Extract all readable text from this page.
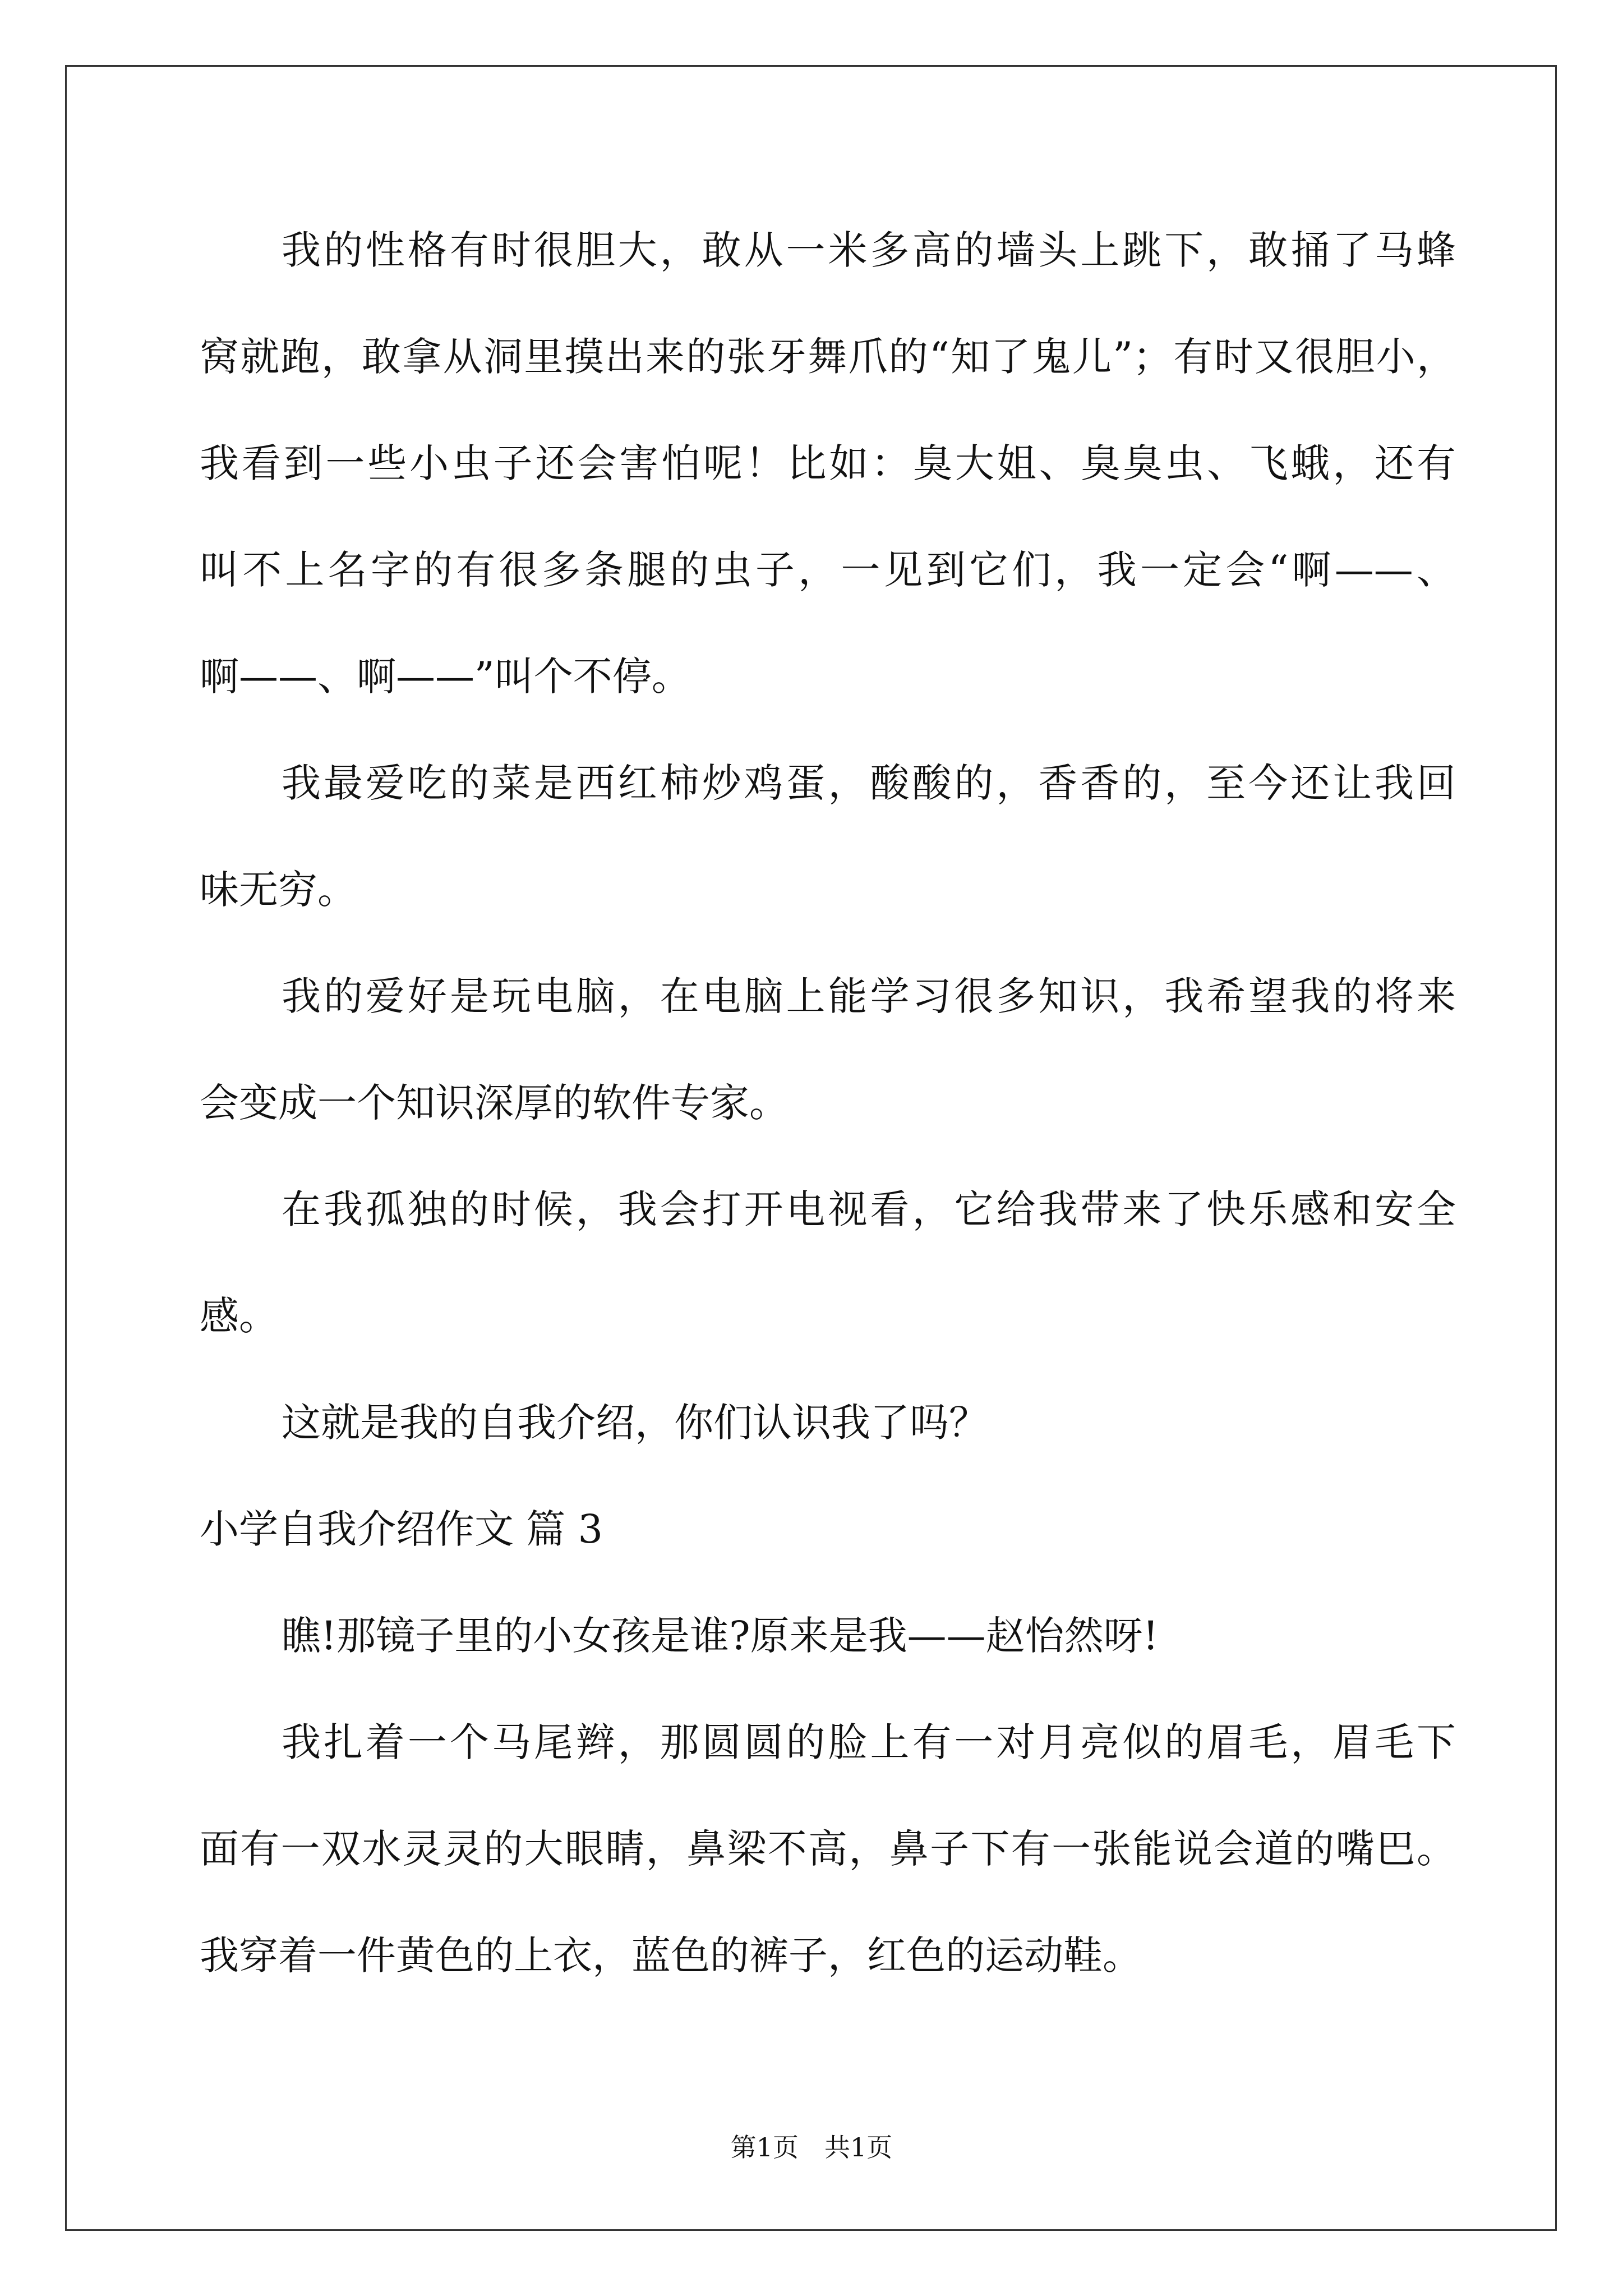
我的性格有时很胆大，敢从一米多高的墙头上跳下，敢捅了马蜂
窝就跑，敢拿从洞里摸出来的张牙舞爪的“知了鬼儿”；有时又很胆小，
我看到一些小虫子还会害怕呢！比如：臭大姐、臭臭虫、飞蛾，还有
叫不上名字的有很多条腿的虫子，一见到它们，我一定会“啊——、
啊——、啊——”叫个不停。
我最爱吃的菜是西红柿炒鸡蛋，酸酸的，香香的，至今还让我回
味无穷。
我的爱好是玩电脑，在电脑上能学习很多知识，我希望我的将来
会变成一个知识深厚的软件专家。
在我孤独的时候，我会打开电视看，它给我带来了快乐感和安全
感。
这就是我的自我介绍，你们认识我了吗？
小学自我介绍作文 篇 3
瞧!那镜子里的小女孩是谁?原来是我——赵怡然呀!
我扎着一个马尾辫，那圆圆的脸上有一对月亮似的眉毛，眉毛下
面有一双水灵灵的大眼睛，鼻梁不高，鼻子下有一张能说会道的嘴巴。
我穿着一件黄色的上衣，蓝色的裤子，红色的运动鞋。
第1页　共1页
